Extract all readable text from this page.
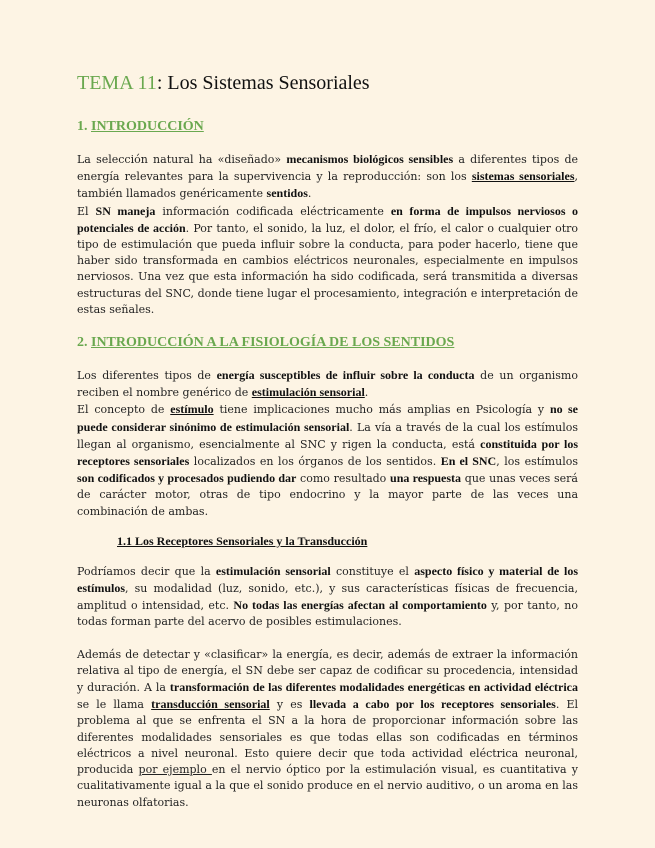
TEMA 11: Los Sistemas Sensoriales
1. INTRODUCCIÓN

La selección natural ha «diseñado» mecanismos biológicos sensibles a diferentes tipos de energía relevantes para la supervivencia y la reproducción: son los sistemas sensoriales, también llamados genéricamente sentidos.

El SN maneja información codificada eléctricamente en forma de impulsos nerviosos o potenciales de acción. Por tanto, el sonido, la luz, el dolor, el frío, el calor o cualquier otro tipo de estimulación que pueda influir sobre la conducta, para poder hacerlo, tiene que haber sido transformada en cambios eléctricos neuronales, especialmente en impulsos nerviosos. Una vez que esta información ha sido codificada, será transmitida a diversas estructuras del SNC, donde tiene lugar el procesamiento, integración e interpretación de estas señales.

2. INTRODUCCIÓN A LA FISIOLOGÍA DE LOS SENTIDOS

Los diferentes tipos de energía susceptibles de influir sobre la conducta de un organismo reciben el nombre genérico de estimulación sensorial.

El concepto de estímulo tiene implicaciones mucho más amplias en Psicología y no se puede considerar sinónimo de estimulación sensorial. La vía a través de la cual los estímulos llegan al organismo, esencialmente al SNC y rigen la conducta, está constituida por los receptores sensoriales localizados en los órganos de los sentidos. En el SNC, los estímulos son codificados y procesados pudiendo dar como resultado una respuesta que unas veces será de carácter motor, otras de tipo endocrino y la mayor parte de las veces una combinación de ambas.

1.1 Los Receptores Sensoriales y la Transducción

Podríamos decir que la estimulación sensorial constituye el aspecto físico y material de los estímulos, su modalidad (luz, sonido, etc.), y sus características físicas de frecuencia, amplitud o intensidad, etc. No todas las energías afectan al comportamiento y, por tanto, no todas forman parte del acervo de posibles estimulaciones.

Además de detectar y «clasificar» la energía, es decir, además de extraer la información relativa al tipo de energía, el SN debe ser capaz de codificar su procedencia, intensidad y duración. A la transformación de las diferentes modalidades energéticas en actividad eléctrica se le llama transducción sensorial y es llevada a cabo por los receptores sensoriales. El problema al que se enfrenta el SN a la hora de proporcionar información sobre las diferentes modalidades sensoriales es que todas ellas son codificadas en términos eléctricos a nivel neuronal. Esto quiere decir que toda actividad eléctrica neuronal, producida por ejemplo en el nervio óptico por la estimulación visual, es cuantitativa y cualitativamente igual a la que el sonido produce en el nervio auditivo, o un aroma en las neuronas olfatorias.
